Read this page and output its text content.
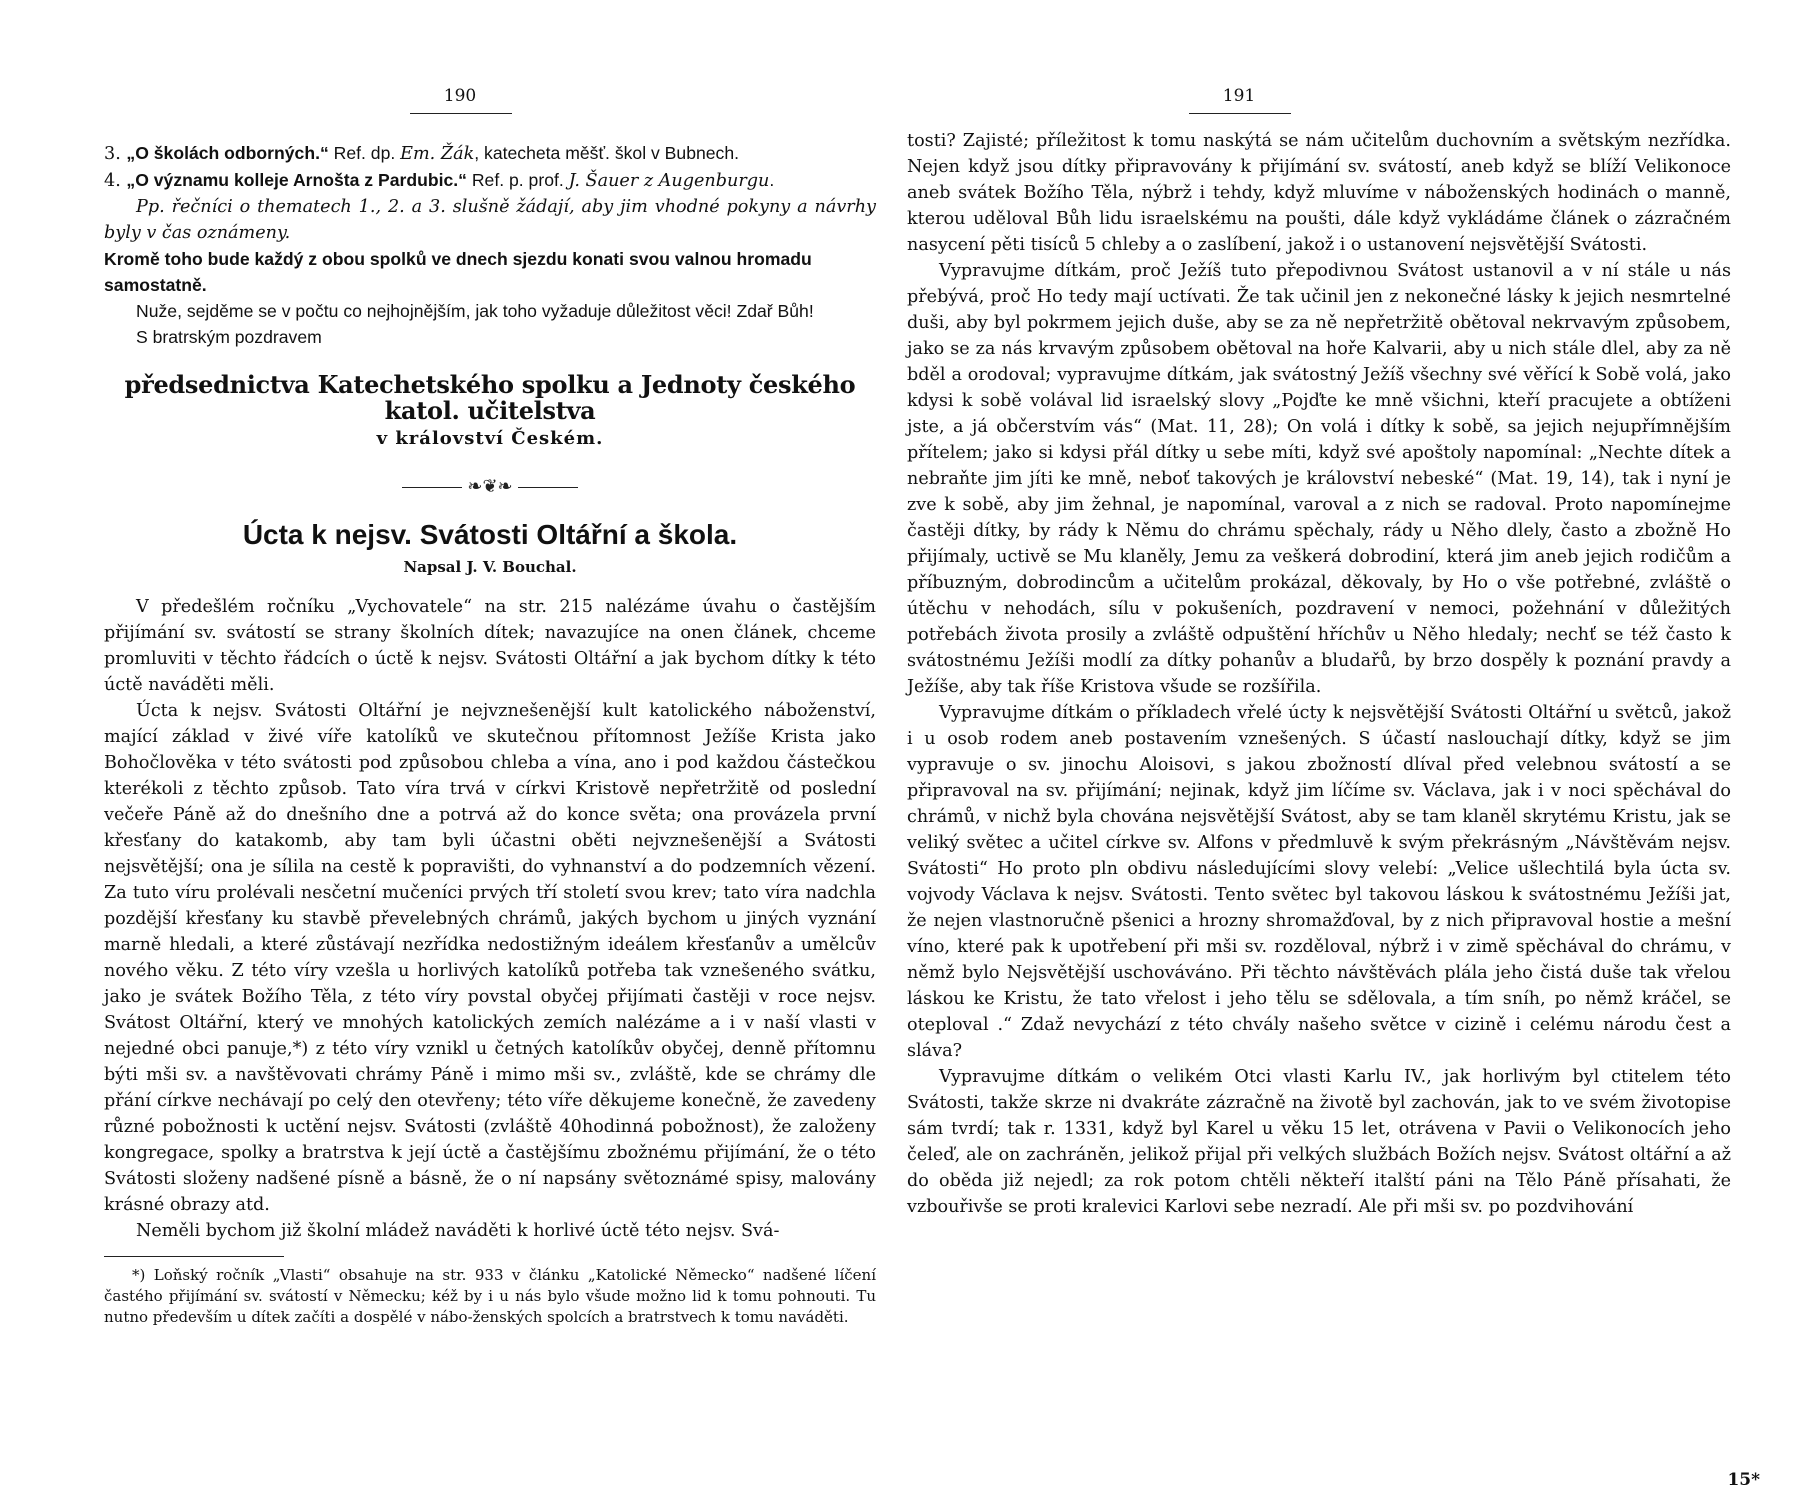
190

3. „O školách odborných.“ Ref. dp. Em. Žák, katecheta měšť. škol v Bubnech.

4. „O významu kolleje Arnošta z Pardubic.“ Ref. p. prof. J. Šauer z Augenburgu.

Pp. řečníci o thematech 1., 2. a 3. slušně žádají, aby jim vhodné pokyny a návrhy byly v čas oznámeny.

Kromě toho bude každý z obou spolků ve dnech sjezdu konati svou valnou hromadu samostatně.

Nuže, sejděme se v počtu co nejhojnějším, jak toho vyžaduje důležitost věci! Zdař Bůh!

S bratrským pozdravem

předsednictva Katechetského spolku a Jednoty českého katol. učitelstva
v království Českém.
❧❦❧
Úcta k nejsv. Svátosti Oltářní a škola.
Napsal J. V. Bouchal.

V předešlém ročníku „Vychovatele“ na str. 215 nalézáme úvahu o častějším přijímání sv. svátostí se strany školních dítek; navazujíce na onen článek, chceme promluviti v těchto řádcích o úctě k nejsv. Svátosti Oltářní a jak bychom dítky k této úctě naváděti měli.

Úcta k nejsv. Svátosti Oltářní je nejvznešenější kult katolického náboženství, mající základ v živé víře katolíků ve skutečnou přítomnost Ježíše Krista jako Bohočlověka v této svátosti pod způsobou chleba a vína, ano i pod každou částečkou kterékoli z těchto způsob. Tato víra trvá v církvi Kristově nepřetržitě od poslední večeře Páně až do dnešního dne a potrvá až do konce světa; ona provázela první křesťany do katakomb, aby tam byli účastni oběti nejvznešenější a Svátosti nejsvětější; ona je sílila na cestě k popravišti, do vyhnanství a do podzemních vězení. Za tuto víru prolévali nesčetní mučeníci prvých tří století svou krev; tato víra nadchla pozdější křesťany ku stavbě převelebných chrámů, jakých bychom u jiných vyznání marně hledali, a které zůstávají nezřídka nedostižným ideálem křesťanův a umělcův nového věku. Z této víry vzešla u horlivých katolíků potřeba tak vznešeného svátku, jako je svátek Božího Těla, z této víry povstal obyčej přijímati častěji v roce nejsv. Svátost Oltářní, který ve mnohých katolických zemích nalézáme a i v naší vlasti v nejedné obci panuje,*) z této víry vznikl u četných katolíkův obyčej, denně přítomnu býti mši sv. a navštěvovati chrámy Páně i mimo mši sv., zvláště, kde se chrámy dle přání církve nechávají po celý den otevřeny; této víře děkujeme konečně, že zavedeny různé pobožnosti k uctění nejsv. Svátosti (zvláště 40hodinná pobožnost), že založeny kongregace, spolky a bratrstva k její úctě a častějšímu zbožnému přijímání, že o této Svátosti složeny nadšené písně a básně, že o ní napsány světoznámé spisy, malovány krásné obrazy atd.

Neměli bychom již školní mládež naváděti k horlivé úctě této nejsv. Svá-

*) Loňský ročník „Vlasti“ obsahuje na str. 933 v článku „Katolické Německo“ nadšené líčení častého přijímání sv. svátostí v Německu; kéž by i u nás bylo všude možno lid k tomu pohnouti. Tu nutno především u dítek začíti a dospělé v nábo-ženských spolcích a bratrstvech k tomu naváděti.

191

tosti? Zajisté; příležitost k tomu naskýtá se nám učitelům duchovním a světským nezřídka. Nejen když jsou dítky připravovány k přijímání sv. svátostí, aneb když se blíží Velikonoce aneb svátek Božího Těla, nýbrž i tehdy, když mluvíme v náboženských hodinách o manně, kterou uděloval Bůh lidu israelskému na poušti, dále když vykládáme článek o zázračném nasycení pěti tisíců 5 chleby a o zaslíbení, jakož i o ustanovení nejsvětější Svátosti.

Vypravujme dítkám, proč Ježíš tuto přepodivnou Svátost ustanovil a v ní stále u nás přebývá, proč Ho tedy mají uctívati. Že tak učinil jen z nekonečné lásky k jejich nesmrtelné duši, aby byl pokrmem jejich duše, aby se za ně nepřetržitě obětoval nekrvavým způsobem, jako se za nás krvavým způsobem obětoval na hoře Kalvarii, aby u nich stále dlel, aby za ně bděl a orodoval; vypravujme dítkám, jak svátostný Ježíš všechny své věřící k Sobě volá, jako kdysi k sobě volával lid israelský slovy „Pojďte ke mně všichni, kteří pracujete a obtíženi jste, a já občerstvím vás“ (Mat. 11, 28); On volá i dítky k sobě, sa jejich nejupřímnějším přítelem; jako si kdysi přál dítky u sebe míti, když své apoštoly napomínal: „Nechte dítek a nebraňte jim jíti ke mně, neboť takových je království nebeské“ (Mat. 19, 14), tak i nyní je zve k sobě, aby jim žehnal, je napomínal, varoval a z nich se radoval. Proto napomínejme častěji dítky, by rády k Němu do chrámu spěchaly, rády u Něho dlely, často a zbožně Ho přijímaly, uctivě se Mu klaněly, Jemu za veškerá dobrodiní, která jim aneb jejich rodičům a příbuzným, dobrodincům a učitelům prokázal, děkovaly, by Ho o vše potřebné, zvláště o útěchu v nehodách, sílu v pokušeních, pozdravení v nemoci, požehnání v důležitých potřebách života prosily a zvláště odpuštění hříchův u Něho hledaly; nechť se též často k svátostnému Ježíši modlí za dítky pohanův a bludařů, by brzo dospěly k poznání pravdy a Ježíše, aby tak říše Kristova všude se rozšířila.

Vypravujme dítkám o příkladech vřelé úcty k nejsvětější Svátosti Oltářní u světců, jakož i u osob rodem aneb postavením vznešených. S účastí naslouchají dítky, když se jim vypravuje o sv. jinochu Aloisovi, s jakou zbožností dlíval před velebnou svátostí a se připravoval na sv. přijímání; nejinak, když jim líčíme sv. Václava, jak i v noci spěchával do chrámů, v nichž byla chována nejsvětější Svátost, aby se tam klaněl skrytému Kristu, jak se veliký světec a učitel církve sv. Alfons v předmluvě k svým překrásným „Návštěvám nejsv. Svátosti“ Ho proto pln obdivu následujícími slovy velebí: „Velice ušlechtilá byla úcta sv. vojvody Václava k nejsv. Svátosti. Tento světec byl takovou láskou k svátostnému Ježíši jat, že nejen vlastnoručně pšenici a hrozny shromažďoval, by z nich připravoval hostie a mešní víno, které pak k upotřebení při mši sv. rozděloval, nýbrž i v zimě spěchával do chrámu, v němž bylo Nejsvětější uschováváno. Při těchto návštěvách plála jeho čistá duše tak vřelou láskou ke Kristu, že tato vřelost i jeho tělu se sdělovala, a tím sníh, po němž kráčel, se oteploval .“ Zdaž nevychází z této chvály našeho světce v cizině i celému národu čest a sláva?

Vypravujme dítkám o velikém Otci vlasti Karlu IV., jak horlivým byl ctitelem této Svátosti, takže skrze ni dvakráte zázračně na životě byl zachován, jak to ve svém životopise sám tvrdí; tak r. 1331, když byl Karel u věku 15 let, otrávena v Pavii o Velikonocích jeho čeleď, ale on zachráněn, jelikož přijal při velkých službách Božích nejsv. Svátost oltářní a až do oběda již nejedl; za rok potom chtěli někteří italští páni na Tělo Páně přísahati, že vzbouřivše se proti kralevici Karlovi sebe nezradí. Ale při mši sv. po pozdvihování

15*
